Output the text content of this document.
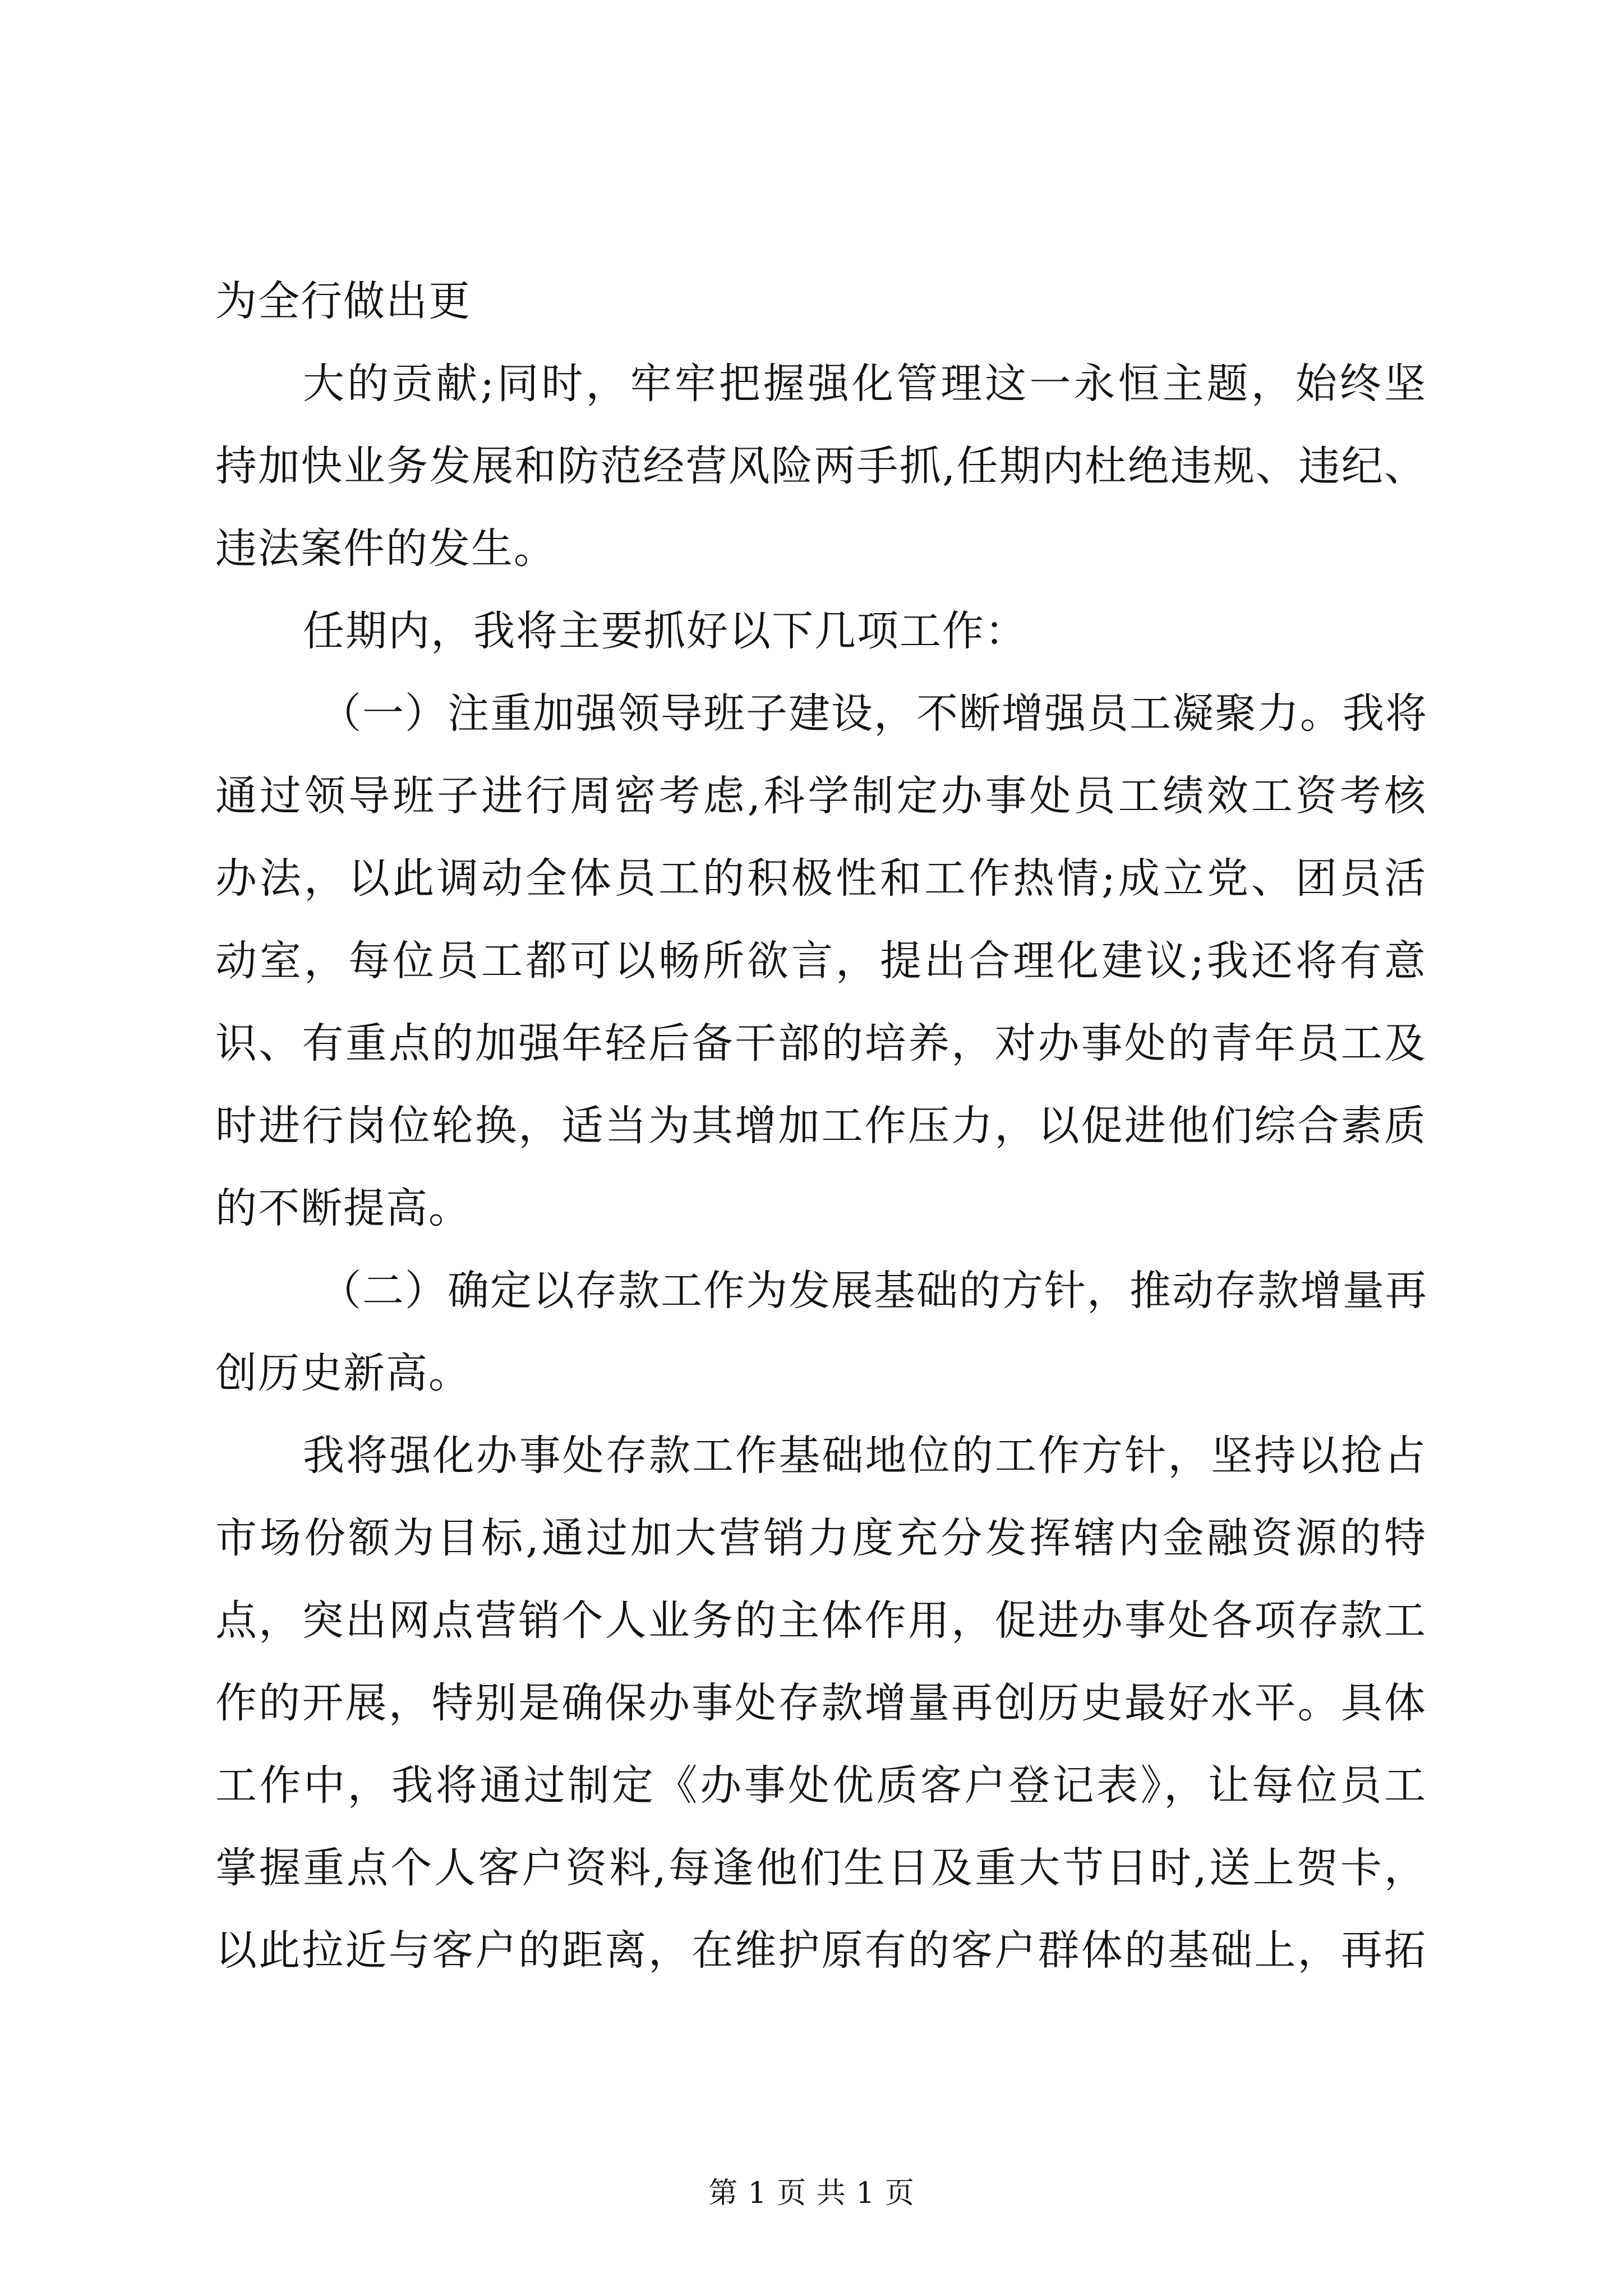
为全行做出更
大的贡献;同时，牢牢把握强化管理这一永恒主题，始终坚
持加快业务发展和防范经营风险两手抓,任期内杜绝违规、违纪、
违法案件的发生。
任期内，我将主要抓好以下几项工作：
（一）注重加强领导班子建设，不断增强员工凝聚力。我将
通过领导班子进行周密考虑,科学制定办事处员工绩效工资考核
办法，以此调动全体员工的积极性和工作热情;成立党、团员活
动室，每位员工都可以畅所欲言，提出合理化建议;我还将有意
识、有重点的加强年轻后备干部的培养，对办事处的青年员工及
时进行岗位轮换，适当为其增加工作压力，以促进他们综合素质
的不断提高。
（二）确定以存款工作为发展基础的方针，推动存款增量再
创历史新高。
我将强化办事处存款工作基础地位的工作方针，坚持以抢占
市场份额为目标,通过加大营销力度充分发挥辖内金融资源的特
点，突出网点营销个人业务的主体作用，促进办事处各项存款工
作的开展，特别是确保办事处存款增量再创历史最好水平。具体
工作中，我将通过制定《办事处优质客户登记表》，让每位员工
掌握重点个人客户资料,每逢他们生日及重大节日时,送上贺卡，
以此拉近与客户的距离，在维护原有的客户群体的基础上，再拓
第 1 页 共 1 页
